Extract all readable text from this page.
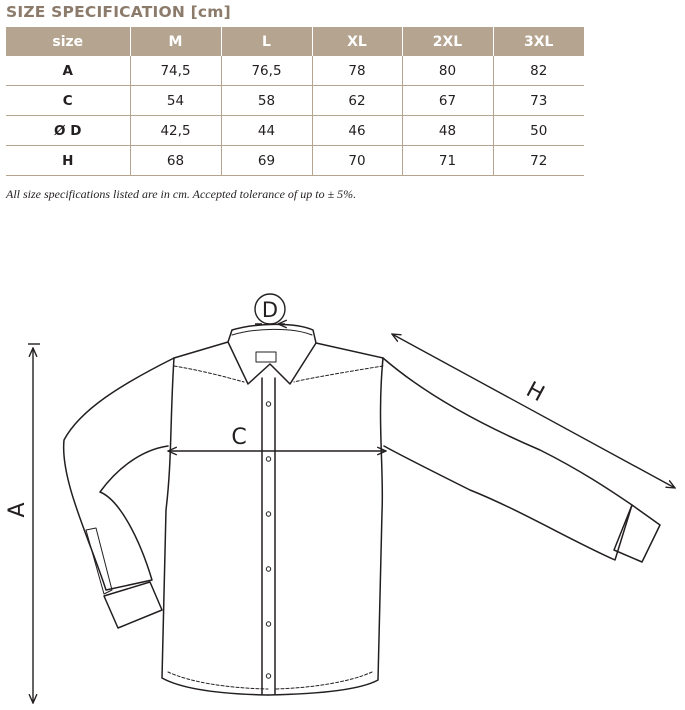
SIZE SPECIFICATION [cm]
size	M	L	XL	2XL	3XL
A	74,5	76,5	78	80	82
C	54	58	62	67	73
Ø D	42,5	44	46	48	50
H	68	69	70	71	72
All size specifications listed are in cm. Accepted tolerance of up to ± 5%.
A
C
D
H
